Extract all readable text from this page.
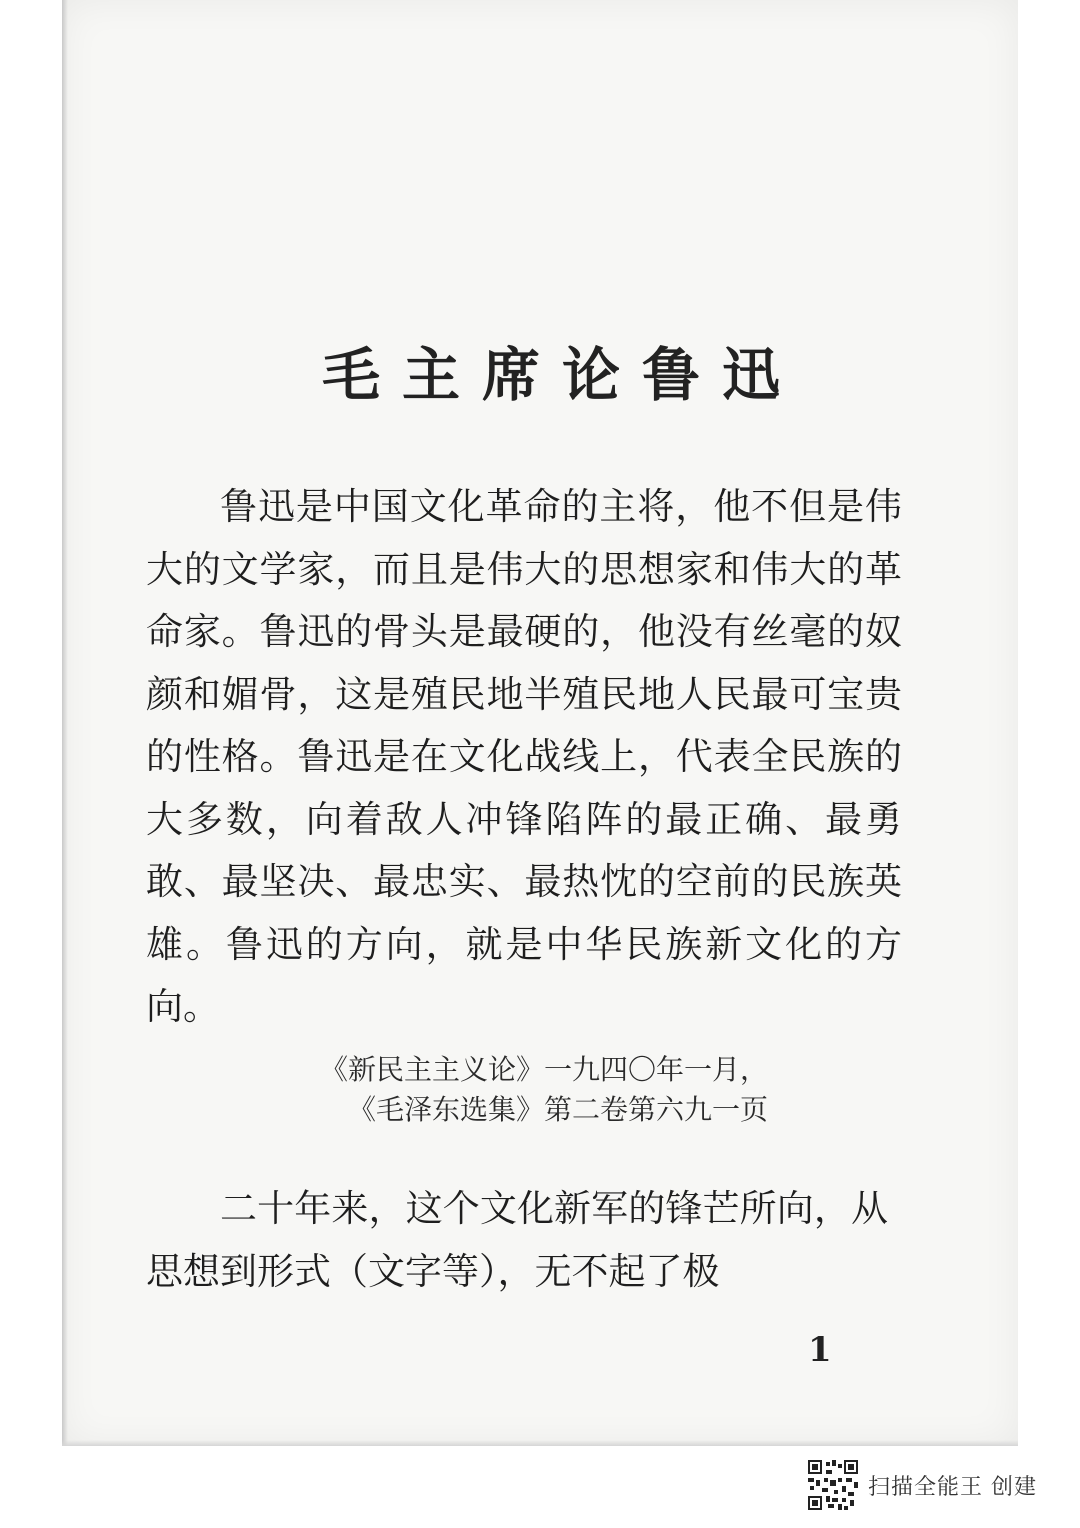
毛主席论鲁迅

鲁迅是中国文化革命的主将，他不但是伟大的文学家，而且是伟大的思想家和伟大的革命家。鲁迅的骨头是最硬的，他没有丝毫的奴颜和媚骨，这是殖民地半殖民地人民最可宝贵的性格。鲁迅是在文化战线上，代表全民族的大多数，向着敌人冲锋陷阵的最正确、最勇敢、最坚决、最忠实、最热忱的空前的民族英雄。鲁迅的方向，就是中华民族新文化的方向。

《新民主主义论》一九四〇年一月，

《毛泽东选集》第二卷第六九一页

二十年来，这个文化新军的锋芒所向，从思想到形式（文字等），无不起了极

1
扫描全能王 创建
